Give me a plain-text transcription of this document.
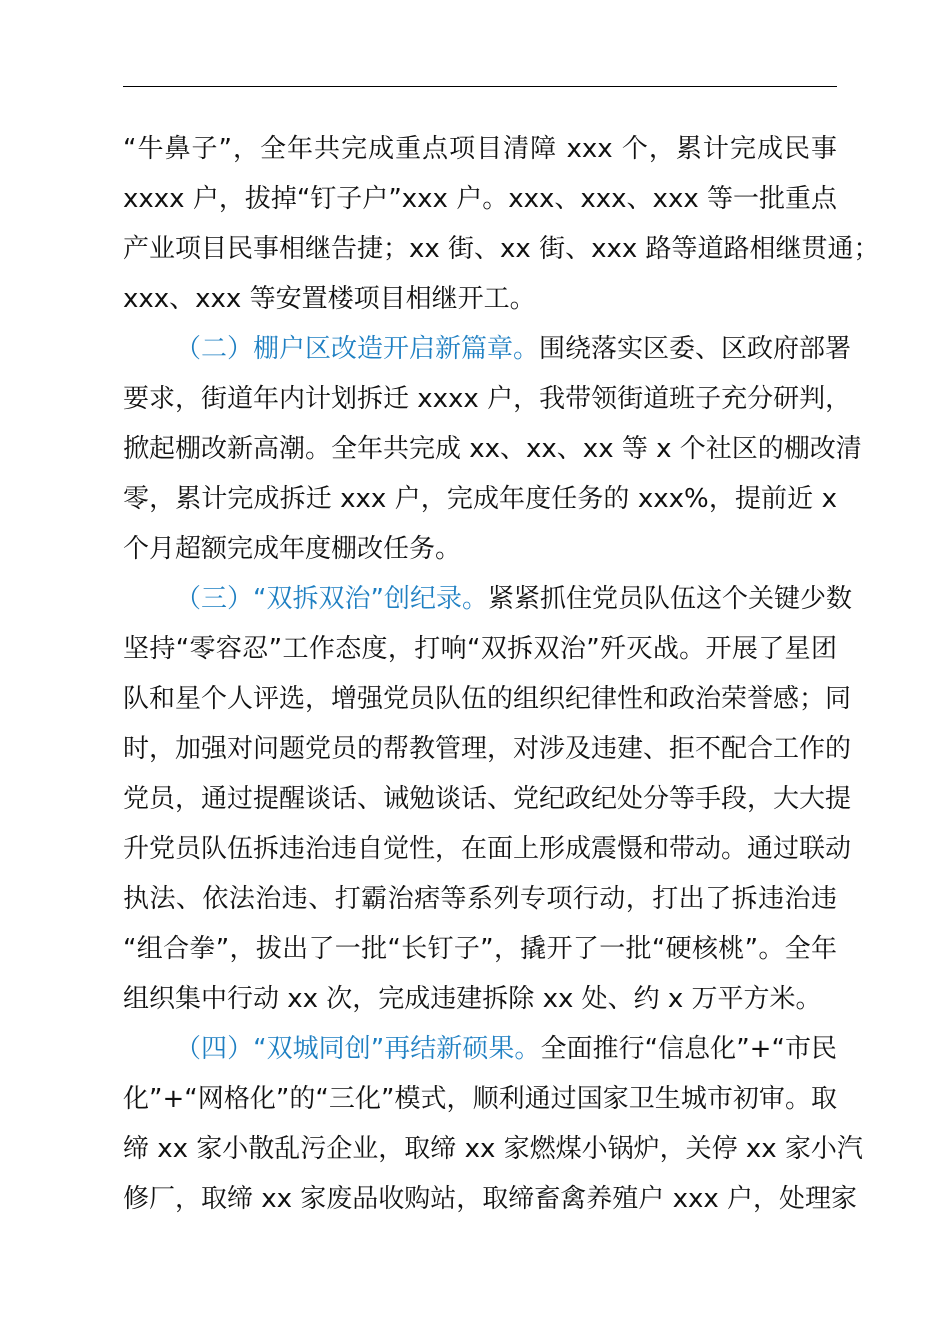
“牛鼻子”，全年共完成重点项目清障 xxx 个，累计完成民事
xxxx 户，拔掉“钉子户”xxx 户。xxx、xxx、xxx 等一批重点
产业项目民事相继告捷；xx 街、xx 街、xxx 路等道路相继贯通；
xxx、xxx 等安置楼项目相继开工。
（二）棚户区改造开启新篇章。围绕落实区委、区政府部署
要求，街道年内计划拆迁 xxxx 户，我带领街道班子充分研判，
掀起棚改新高潮。全年共完成 xx、xx、xx 等 x 个社区的棚改清
零，累计完成拆迁 xxx 户，完成年度任务的 xxx%，提前近 x
个月超额完成年度棚改任务。
（三）“双拆双治”创纪录。紧紧抓住党员队伍这个关键少数
坚持“零容忍”工作态度，打响“双拆双治”歼灭战。开展了星团
队和星个人评选，增强党员队伍的组织纪律性和政治荣誉感；同
时，加强对问题党员的帮教管理，对涉及违建、拒不配合工作的
党员，通过提醒谈话、诫勉谈话、党纪政纪处分等手段，大大提
升党员队伍拆违治违自觉性，在面上形成震慑和带动。通过联动
执法、依法治违、打霸治痞等系列专项行动，打出了拆违治违
“组合拳”，拔出了一批“长钉子”，撬开了一批“硬核桃”。全年
组织集中行动 xx 次，完成违建拆除 xx 处、约 x 万平方米。
（四）“双城同创”再结新硕果。全面推行“信息化”+“市民
化”+“网格化”的“三化”模式，顺利通过国家卫生城市初审。取
缔 xx 家小散乱污企业，取缔 xx 家燃煤小锅炉，关停 xx 家小汽
修厂，取缔 xx 家废品收购站，取缔畜禽养殖户 xxx 户，处理家
